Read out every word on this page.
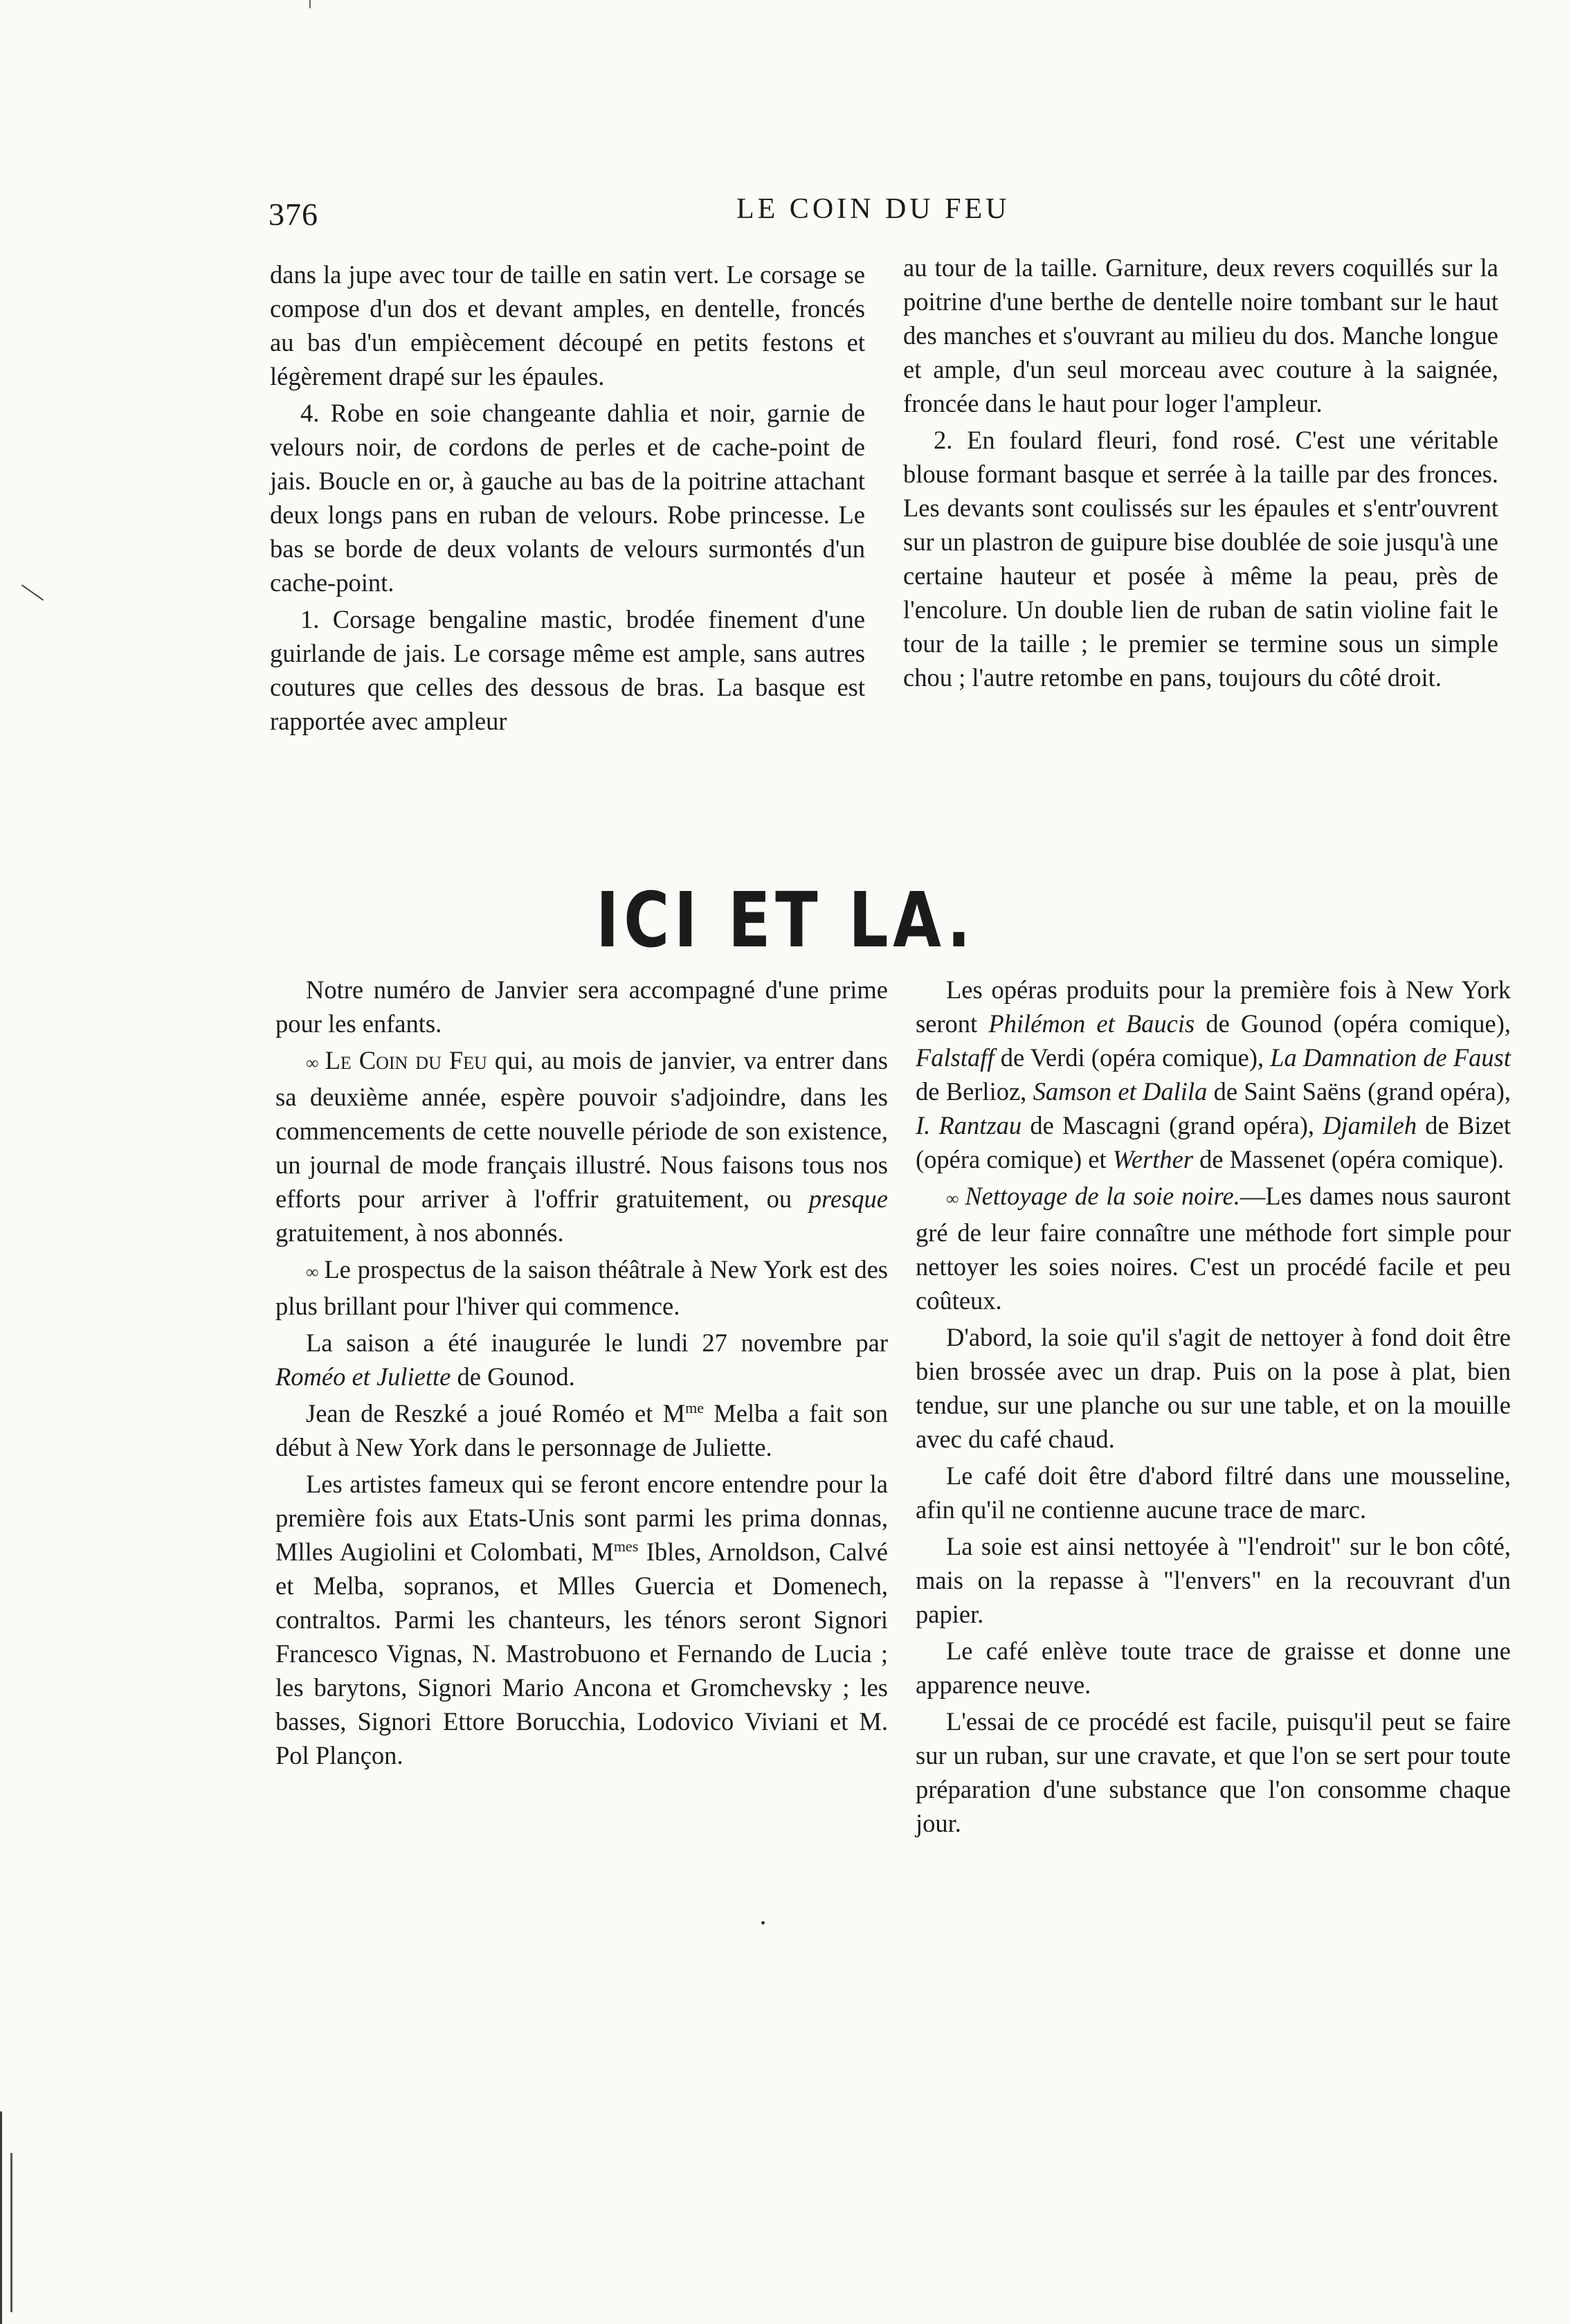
376	LE COIN DU FEU

dans la jupe avec tour de taille en satin vert. Le corsage se compose d'un dos et devant amples, en dentelle, froncés au bas d'un empiècement découpé en petits festons et légèrement drapé sur les épaules.

4. Robe en soie changeante dahlia et noir, garnie de velours noir, de cordons de perles et de cache-point de jais. Boucle en or, à gauche au bas de la poitrine attachant deux longs pans en ruban de velours. Robe princesse. Le bas se borde de deux volants de velours surmontés d'un cache-point.

1. Corsage bengaline mastic, brodée finement d'une guirlande de jais. Le corsage même est ample, sans autres coutures que celles des dessous de bras. La basque est rapportée avec ampleur

au tour de la taille. Garniture, deux revers coquillés sur la poitrine d'une berthe de dentelle noire tombant sur le haut des manches et s'ouvrant au milieu du dos. Manche longue et ample, d'un seul morceau avec couture à la saignée, froncée dans le haut pour loger l'ampleur.

2. En foulard fleuri, fond rosé. C'est une véritable blouse formant basque et serrée à la taille par des fronces. Les devants sont coulissés sur les épaules et s'entr'ouvrent sur un plastron de guipure bise doublée de soie jusqu'à une certaine hauteur et posée à même la peau, près de l'encolure. Un double lien de ruban de satin violine fait le tour de la taille ; le premier se termine sous un simple chou ; l'autre retombe en pans, toujours du côté droit.

ICI ET LA.

Notre numéro de Janvier sera accompagné d'une prime pour les enfants.

∞ Le Coin du Feu qui, au mois de janvier, va entrer dans sa deuxième année, espère pouvoir s'adjoindre, dans les commencements de cette nouvelle période de son existence, un journal de mode français illustré. Nous faisons tous nos efforts pour arriver à l'offrir gratuitement, ou presque gratuitement, à nos abonnés.

∞ Le prospectus de la saison théâtrale à New York est des plus brillant pour l'hiver qui commence.

La saison a été inaugurée le lundi 27 novembre par Roméo et Juliette de Gounod.

Jean de Reszké a joué Roméo et $M^{me}$ Melba a fait son début à New York dans le personnage de Juliette.

Les artistes fameux qui se feront encore entendre pour la première fois aux Etats-Unis sont parmi les prima donnas, Mlles Augiolini et Colombati, $M^{mes}$ Ibles, Arnoldson, Calvé et Melba, sopranos, et Mlles Guercia et Domenech, contraltos. Parmi les chanteurs, les ténors seront Signori Francesco Vignas, N. Mastrobuono et Fernando de Lucia ; les barytons, Signori Mario Ancona et Gromchevsky ; les basses, Signori Ettore Borucchia, Lodovico Viviani et M. Pol Plançon.

Les opéras produits pour la première fois à New York seront Philémon et Baucis de Gounod (opéra comique), Falstaff de Verdi (opéra comique), La Damnation de Faust de Berlioz, Samson et Dalila de Saint Saëns (grand opéra), I. Rantzau de Mascagni (grand opéra), Djamileh de Bizet (opéra comique) et Werther de Massenet (opéra comique).

∞ Nettoyage de la soie noire.—Les dames nous sauront gré de leur faire connaître une méthode fort simple pour nettoyer les soies noires. C'est un procédé facile et peu coûteux.

D'abord, la soie qu'il s'agit de nettoyer à fond doit être bien brossée avec un drap. Puis on la pose à plat, bien tendue, sur une planche ou sur une table, et on la mouille avec du café chaud.

Le café doit être d'abord filtré dans une mousseline, afin qu'il ne contienne aucune trace de marc.

La soie est ainsi nettoyée à "l'endroit" sur le bon côté, mais on la repasse à "l'envers" en la recouvrant d'un papier.

Le café enlève toute trace de graisse et donne une apparence neuve.

L'essai de ce procédé est facile, puisqu'il peut se faire sur un ruban, sur une cravate, et que l'on se sert pour toute préparation d'une substance que l'on consomme chaque jour.
